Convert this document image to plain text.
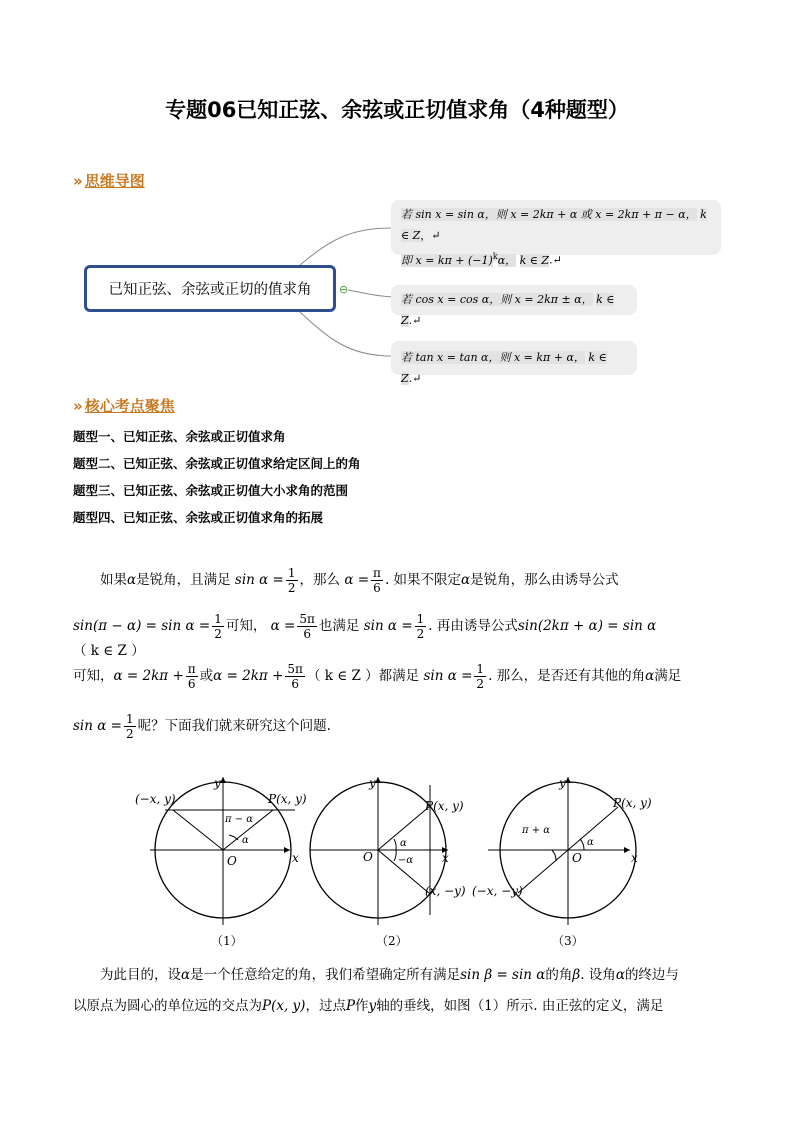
专题06已知正弦、余弦或正切值求角（4种题型）
» 思维导图
已知正弦、余弦或正切的值求角	⊖
若 sin x = sin α，则 x = 2kπ + α 或 x = 2kπ + π − α， k ∈ Z，↵
即 $x = k\pi + (-1)^k\alpha$， k ∈ Z.↵
若 cos x = cos α，则 x = 2kπ ± α， k ∈ Z.↵
若 tan x = tan α，则 x = kπ + α， k ∈ Z.↵
» 核心考点聚焦
题型一、已知正弦、余弦或正切值求角
题型二、已知正弦、余弦或正切值求给定区间上的角
题型三、已知正弦、余弦或正切值大小求角的范围
题型四、已知正弦、余弦或正切值求角的拓展
如果α是锐角，且满足 $\sin \alpha = \frac{1}{2}$ ，那么 $\alpha = \frac{\pi}{6}$ . 如果不限定α是锐角，那么由诱导公式
$\sin(\pi - \alpha) = \sin \alpha = \frac{1}{2}$ 可知， $\alpha = \frac{5\pi}{6}$ 也满足 $\sin \alpha = \frac{1}{2}$ . 再由诱导公式sin(2kπ + α) = sin α（ k ∈ Z ）
可知，$\alpha = 2k\pi + \frac{\pi}{6}$ 或$\alpha = 2k\pi + \frac{5\pi}{6}$ （ k ∈ Z ）都满足 $\sin \alpha = \frac{1}{2}$ . 那么，是否还有其他的角α满足
$\sin \alpha = \frac{1}{2}$ 呢？下面我们就来研究这个问题.
y
x
O
P(x, y)
(−x, y)
π − α
α
（1）
y
x
O
P(x, y)
(x, −y)
α
−α
（2）
y
x
O
P(x, y)
(−x, −y)
π + α
α
（3）
为此目的，设α是一个任意给定的角，我们希望确定所有满足sin β = sin α的角β. 设角α的终边与
以原点为圆心的单位远的交点为P(x, y)，过点P作y轴的垂线，如图（1）所示. 由正弦的定义，满足
